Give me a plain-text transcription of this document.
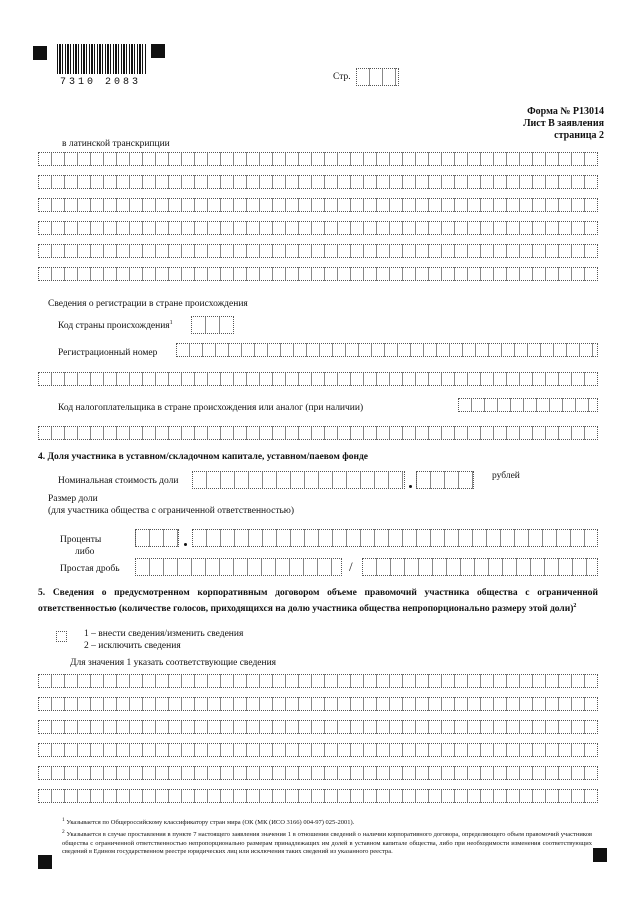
7310 2083	Стр.
Форма № Р13014
Лист В заявления
страница 2
в латинской транскрипции
Сведения о регистрации в стране происхождения
Код страны происхождения$^1$
Регистрационный номер
Код налогоплательщика в стране происхождения или аналог (при наличии)
4. Доля участника в уставном/складочном капитале, уставном/паевом фонде
Номинальная стоимость доли	рублей
Размер доли
(для участника общества с ограниченной ответственностью)
Проценты
либо
Простая дробь	/
5. Сведения о предусмотренном корпоративным договором объеме правомочий участника общества с ограниченной ответственностью (количестве голосов, приходящихся на долю участника общества непропорционально размеру этой доли)$^2$
1 – внести сведения/изменить сведения
2 – исключить сведения
Для значения 1 указать соответствующие сведения
$^1$ Указывается по Общероссийскому классификатору стран мира (ОК (МК (ИСО 3166) 004-97) 025-2001).
$^2$ Указывается в случае проставления в пункте 7 настоящего заявления значения 1 в отношении сведений о наличии корпоративного договора, определяющего объем правомочий участников общества с ограниченной ответственностью непропорционально размерам принадлежащих им долей в уставном капитале общества, либо при необходимости изменения соответствующих сведений в Едином государственном реестре юридических лиц или исключения таких сведений из указанного реестра.
